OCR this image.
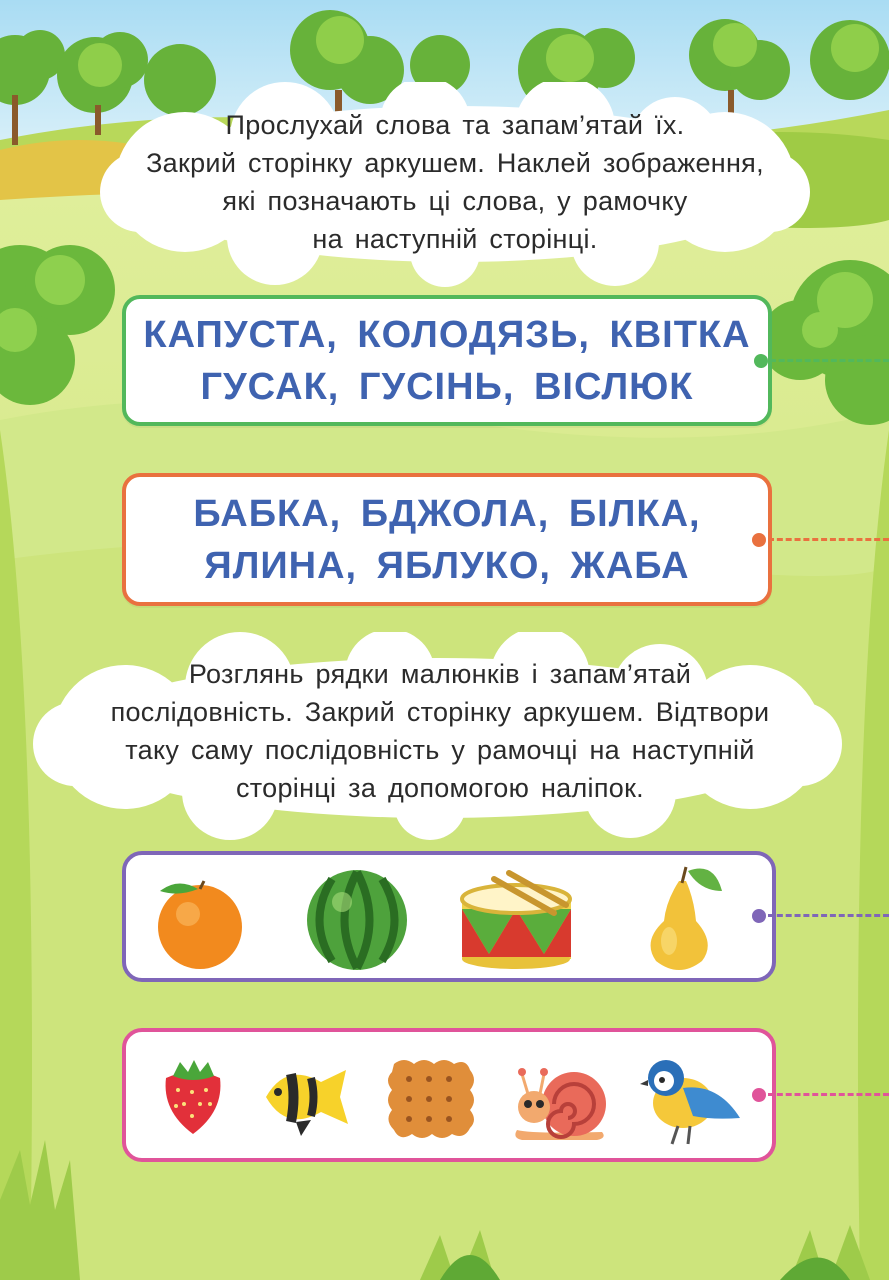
Прослухай слова та запам’ятай їх.
Закрий сторінку аркушем. Наклей зображення,
які позначають ці слова, у рамочку
на наступній сторінці.
КАПУСТА, КОЛОДЯЗЬ, КВІТКА
ГУСАК, ГУСІНЬ, ВІСЛЮК
БАБКА, БДЖОЛА, БІЛКА,
ЯЛИНА, ЯБЛУКО, ЖАБА
Розглянь рядки малюнків і запам’ятай
послідовність. Закрий сторінку аркушем. Відтвори
таку саму послідовність у рамочці на наступній
сторінці за допомогою наліпок.
